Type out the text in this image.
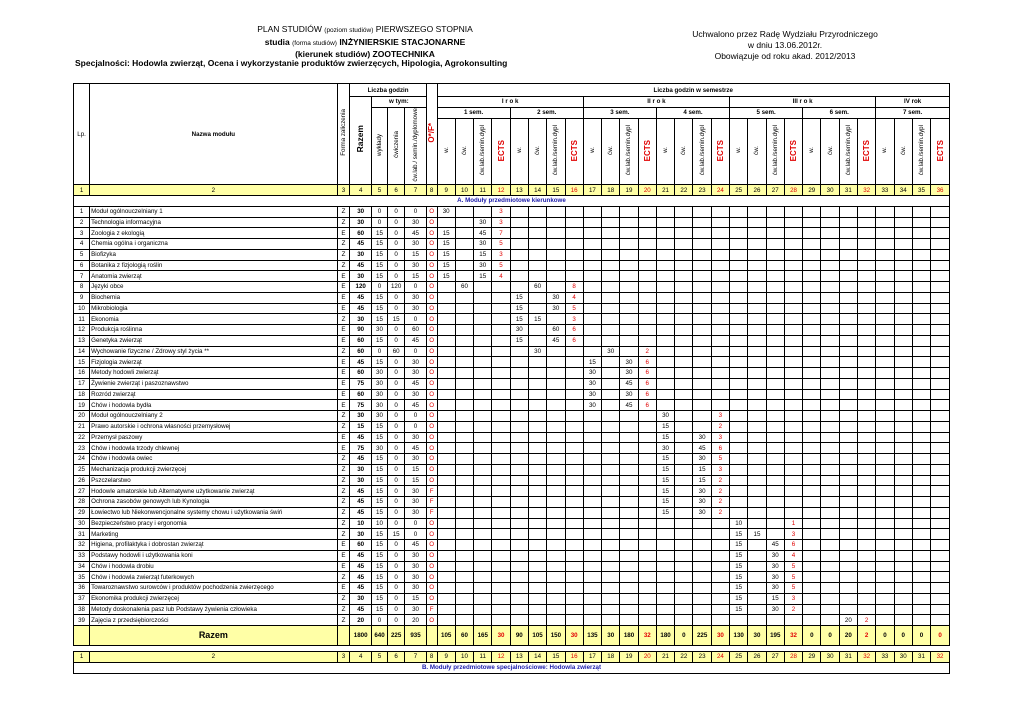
PLAN STUDIÓW (poziom studiów) PIERWSZEGO STOPNIA
studia (forma studiów) INŻYNIERSKIE STACJONARNE
(kierunek studiów) ZOOTECHNIKA
Specjalności: Hodowla zwierząt, Ocena i wykorzystanie produktów zwierzęcych, Hipologia, Agrokonsulting
Uchwalono przez Radę Wydziału Przyrodniczego
w dniu 13.06.2012r.
Obowiązuje od roku akad. 2012/2013
Lp.	Nazwa modułu	Forma zaliczenia	Liczba godzin				O*/F*	Liczba godzin w semestrze																											
			Razem	w tym:				I r o k								II r o k								III r o k								IV rok			
				wykłady	ćwiczenia	ćw.lab./ semin./dyplomowe		1 sem.				2 sem.				3 sem.				4 sem.				5 sem.				6 sem.				7 sem.			
								w.	ćw.	ćw.lab./semin.dypl	ECTS	w.	ćw.	ćw.lab./semin.dypl	ECTS	w.	ćw.	ćw.lab./semin.dypl	ECTS	w.	ćw.	ćw.lab./semin.dypl	ECTS	w.	ćw.	ćw.lab./semin.dypl	ECTS	w.	ćw.	ćw.lab./semin.dypl	ECTS	w.	ćw.	ćw.lab./semin.dypl	ECTS
1	2	3	4	5	6	7	8	9	10	11	12	13	14	15	16	17	18	19	20	21	22	23	24	25	26	27	28	29	30	31	32	33	34	35	36
A. Moduły przedmiotowe kierunkowe																																			
1	Moduł ogólnouczelniany 1	Z	30	0	0	0	O	30			3																								
2	Technologia informacyjna	Z	30	0	0	30	O			30	3																								
3	Zoologia z ekologią	E	60	15	0	45	O	15		45	7																								
4	Chemia ogólna i organiczna	Z	45	15	0	30	O	15		30	5																								
5	Biofizyka	Z	30	15	0	15	O	15		15	3																								
6	Botanika z fizjologią roślin	Z	45	15	0	30	O	15		30	5																								
7	Anatomia zwierząt	E	30	15	0	15	O	15		15	4																								
8	Języki obce	E	120	0	120	0	O		60				60		8																				
9	Biochemia	E	45	15	0	30	O					15		30	4																				
10	Mikrobiologia	E	45	15	0	30	O					15		30	5																				
11	Ekonomia	Z	30	15	15	0	O					15	15		3																				
12	Produkcja roślinna	E	90	30	0	60	O					30		60	6																				
13	Genetyka zwierząt	E	60	15	0	45	O					15		45	6																				
14	Wychowanie fizyczne / Zdrowy styl życia **	Z	60	0	60	0	O						30				30		2																
15	Fizjologia zwierząt	E	45	15	0	30	O									15		30	6																
16	Metody hodowli zwierząt	E	60	30	0	30	O									30		30	6																
17	Żywienie zwierząt i paszoznawstwo	E	75	30	0	45	O									30		45	6																
18	Rozród zwierząt	E	60	30	0	30	O									30		30	6																
19	Chów i hodowla bydła	E	75	30	0	45	O									30		45	6																
20	Moduł ogólnouczelniany 2	Z	30	30	0	0	O													30			3												
21	Prawo autorskie i ochrona własności przemysłowej	Z	15	15	0	0	O													15			2												
22	Przemysł paszowy	E	45	15	0	30	O													15		30	3												
23	Chów i hodowla trzody chlewnej	E	75	30	0	45	O													30		45	6												
24	Chów i hodowla owiec	Z	45	15	0	30	O													15		30	5												
25	Mechanizacja produkcji zwierzęcej	Z	30	15	0	15	O													15		15	3												
26	Pszczelarstwo	Z	30	15	0	15	O													15		15	2												
27	Hodowle amatorskie lub Alternatywne użytkowanie zwierząt	Z	45	15	0	30	F													15		30	2												
28	Ochrona zasobów genowych lub Kynologia	Z	45	15	0	30	F													15		30	2												
29	Łowiectwo lub Niekonwencjonalne systemy chowu i użytkowania świń	Z	45	15	0	30	F													15		30	2												
30	Bezpieczeństwo pracy i ergonomia	Z	10	10	0	0	O																	10			1								
31	Marketing	Z	30	15	15	0	O																	15	15		3								
32	Higiena, profilaktyka i dobrostan zwierząt	E	60	15	0	45	O																	15		45	6								
33	Podstawy hodowli i użytkowania koni	E	45	15	0	30	O																	15		30	4								
34	Chów i hodowla drobiu	E	45	15	0	30	O																	15		30	5								
35	Chów i hodowla zwierząt futerkowych	Z	45	15	0	30	O																	15		30	5								
36	Towaroznawstwo surowców i produktów pochodzenia zwierzęcego	E	45	15	0	30	O																	15		30	5								
37	Ekonomika produkcji zwierzęcej	Z	30	15	0	15	O																	15		15	3								
38	Metody doskonalenia pasz lub Podstawy żywienia człowieka	Z	45	15	0	30	F																	15		30	2								
39	Zajęcia z przedsiębiorczości	Z	20	0	0	20	O																							20	2				
	Razem		1800	640	225	935		105	60	165	30	90	105	150	30	135	30	180	32	180	0	225	30	130	30	195	32	0	0	20	2	0	0	0	0

1	2	3	4	5	6	7	8	9	10	11	12	13	14	15	16	17	18	19	20	21	22	23	24	25	26	27	28	29	30	31	32	33	30	31	32
B. Moduły przedmiotowe specjalnościowe: Hodowla zwierząt																																			
